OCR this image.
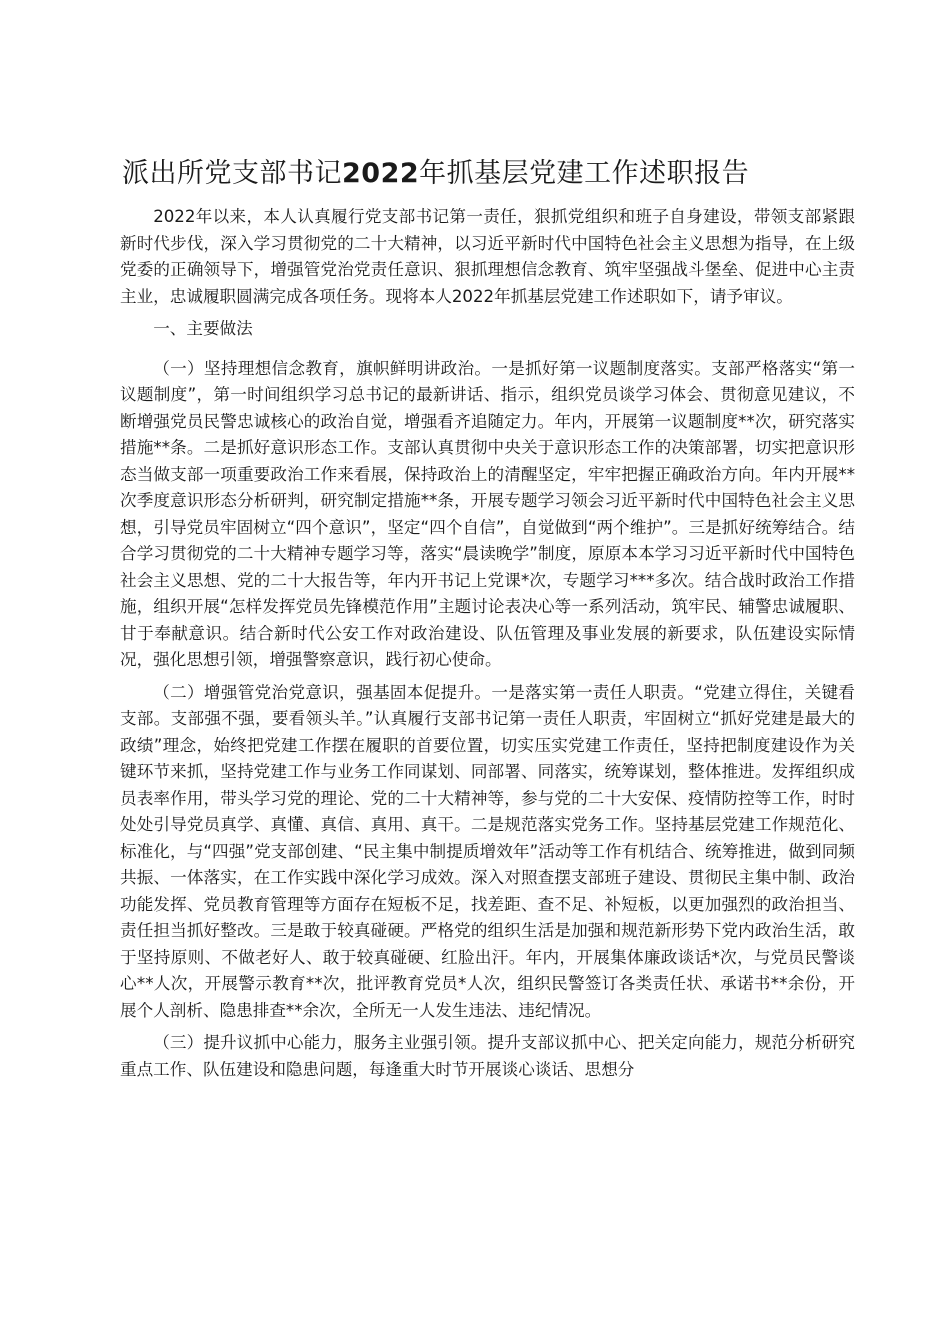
派出所党支部书记2022年抓基层党建工作述职报告

2022年以来，本人认真履行党支部书记第一责任，狠抓党组织和班子自身建设，带领支部紧跟新时代步伐，深入学习贯彻党的二十大精神，以习近平新时代中国特色社会主义思想为指导，在上级党委的正确领导下，增强管党治党责任意识、狠抓理想信念教育、筑牢坚强战斗堡垒、促进中心主责主业，忠诚履职圆满完成各项任务。现将本人2022年抓基层党建工作述职如下，请予审议。

一、主要做法

（一）坚持理想信念教育，旗帜鲜明讲政治。一是抓好第一议题制度落实。支部严格落实“第一议题制度”，第一时间组织学习总书记的最新讲话、指示，组织党员谈学习体会、贯彻意见建议，不断增强党员民警忠诚核心的政治自觉，增强看齐追随定力。年内，开展第一议题制度**次，研究落实措施**条。二是抓好意识形态工作。支部认真贯彻中央关于意识形态工作的决策部署，切实把意识形态当做支部一项重要政治工作来看展，保持政治上的清醒坚定，牢牢把握正确政治方向。年内开展**次季度意识形态分析研判，研究制定措施**条，开展专题学习领会习近平新时代中国特色社会主义思想，引导党员牢固树立“四个意识”，坚定“四个自信”，自觉做到“两个维护”。三是抓好统筹结合。结合学习贯彻党的二十大精神专题学习等，落实“晨读晚学”制度，原原本本学习习近平新时代中国特色社会主义思想、党的二十大报告等，年内开书记上党课*次，专题学习***多次。结合战时政治工作措施，组织开展“怎样发挥党员先锋模范作用”主题讨论表决心等一系列活动，筑牢民、辅警忠诚履职、甘于奉献意识。结合新时代公安工作对政治建设、队伍管理及事业发展的新要求，队伍建设实际情况，强化思想引领，增强警察意识，践行初心使命。

（二）增强管党治党意识，强基固本促提升。一是落实第一责任人职责。“党建立得住，关键看支部。支部强不强，要看领头羊。”认真履行支部书记第一责任人职责，牢固树立“抓好党建是最大的政绩”理念，始终把党建工作摆在履职的首要位置，切实压实党建工作责任，坚持把制度建设作为关键环节来抓，坚持党建工作与业务工作同谋划、同部署、同落实，统筹谋划，整体推进。发挥组织成员表率作用，带头学习党的理论、党的二十大精神等，参与党的二十大安保、疫情防控等工作，时时处处引导党员真学、真懂、真信、真用、真干。二是规范落实党务工作。坚持基层党建工作规范化、标准化，与“四强”党支部创建、“民主集中制提质增效年”活动等工作有机结合、统筹推进，做到同频共振、一体落实，在工作实践中深化学习成效。深入对照查摆支部班子建设、贯彻民主集中制、政治功能发挥、党员教育管理等方面存在短板不足，找差距、查不足、补短板，以更加强烈的政治担当、责任担当抓好整改。三是敢于较真碰硬。严格党的组织生活是加强和规范新形势下党内政治生活，敢于坚持原则、不做老好人、敢于较真碰硬、红脸出汗。年内，开展集体廉政谈话*次，与党员民警谈心**人次，开展警示教育**次，批评教育党员*人次，组织民警签订各类责任状、承诺书**余份，开展个人剖析、隐患排查**余次，全所无一人发生违法、违纪情况。

（三）提升议抓中心能力，服务主业强引领。提升支部议抓中心、把关定向能力，规范分析研究重点工作、队伍建设和隐患问题，每逢重大时节开展谈心谈话、思想分
